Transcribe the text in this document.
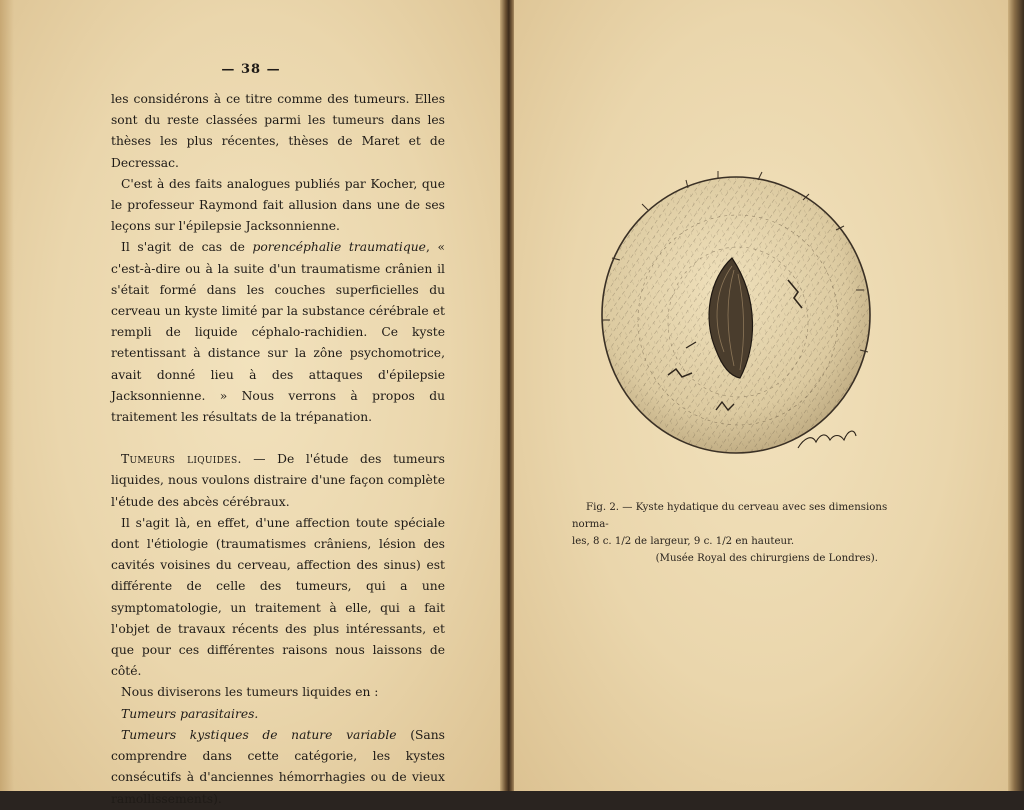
— 38 —

les considérons à ce titre comme des tumeurs. Elles sont du reste classées parmi les tumeurs dans les thèses les plus récentes, thèses de Maret et de Decressac.

C'est à des faits analogues publiés par Kocher, que le professeur Raymond fait allusion dans une de ses leçons sur l'épilepsie Jacksonnienne.

Il s'agit de cas de porencéphalie traumatique, « c'est-à-dire ou à la suite d'un traumatisme crânien il s'était formé dans les couches superficielles du cerveau un kyste limité par la substance cérébrale et rempli de liquide céphalo-rachidien. Ce kyste retentissant à distance sur la zône psychomotrice, avait donné lieu à des attaques d'épilepsie Jacksonnienne. » Nous verrons à propos du traitement les résultats de la trépanation.

Tumeurs liquides. — De l'étude des tumeurs liquides, nous voulons distraire d'une façon complète l'étude des abcès cérébraux.

Il s'agit là, en effet, d'une affection toute spéciale dont l'étiologie (traumatismes crâniens, lésion des cavités voisines du cerveau, affection des sinus) est différente de celle des tumeurs, qui a une symptomatologie, un traitement à elle, qui a fait l'objet de travaux récents des plus intéressants, et que pour ces différentes raisons nous laissons de côté.

Nous diviserons les tumeurs liquides en :

Tumeurs parasitaires.

Tumeurs kystiques de nature variable (Sans comprendre dans cette catégorie, les kystes consécutifs à d'anciennes hémorrhagies ou de vieux ramollissements).

Fig. 2. — Kyste hydatique du cerveau avec ses dimensions norma-

les, 8 c. 1/2 de largeur, 9 c. 1/2 en hauteur.

(Musée Royal des chirurgiens de Londres).
